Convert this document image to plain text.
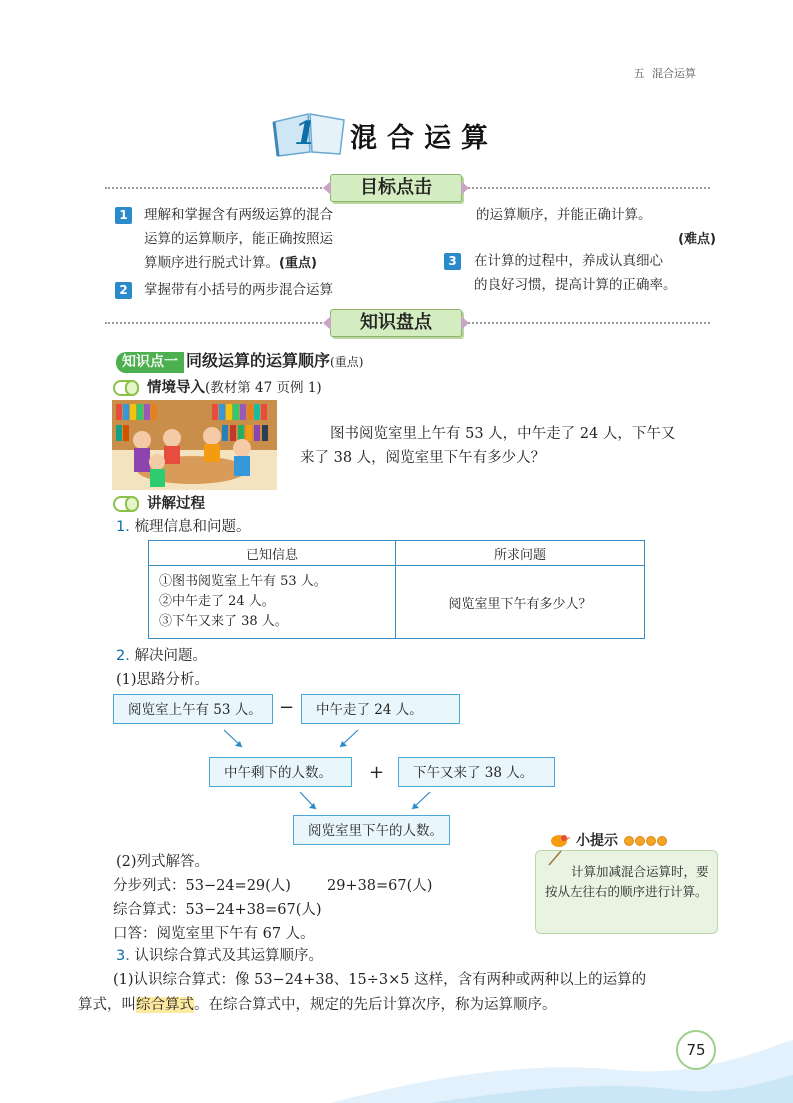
五 混合运算
1 混合运算
目标点击
1	理解和掌握含有两级运算的混合
运算的运算顺序，能正确按照运
算顺序进行脱式计算。(重点)
2	掌握带有小括号的两步混合运算
的运算顺序，并能正确计算。
(难点)
3	在计算的过程中，养成认真细心
的良好习惯，提高计算的正确率。
知识盘点
知识点一 同级运算的运算顺序(重点)
情境导入(教材第 47 页例 1)
图书阅览室里上午有 53 人，中午走了 24 人，下午又
来了 38 人，阅览室里下午有多少人？
讲解过程
1. 梳理信息和问题。
已知信息	所求问题

①图书阅览室上午有 53 人。
②中午走了 24 人。
③下午又来了 38 人。	阅览室里下午有多少人？
2. 解决问题。
(1)思路分析。
阅览室上午有 53 人。 −	中午走了 24 人。
中午剩下的人数。	+	下午又来了 38 人。
阅览室里下午的人数。
(2)列式解答。
分步列式：53−24=29(人) 29+38=67(人)
综合算式：53−24+38=67(人)
口答：阅览室里下午有 67 人。
小提示
计算加减混合运算时，要按从左往右的顺序进行计算。
3. 认识综合算式及其运算顺序。
(1)认识综合算式：像 53−24+38、15÷3×5 这样，含有两种或两种以上的运算的
算式，叫综合算式。在综合算式中，规定的先后计算次序，称为运算顺序。
75
